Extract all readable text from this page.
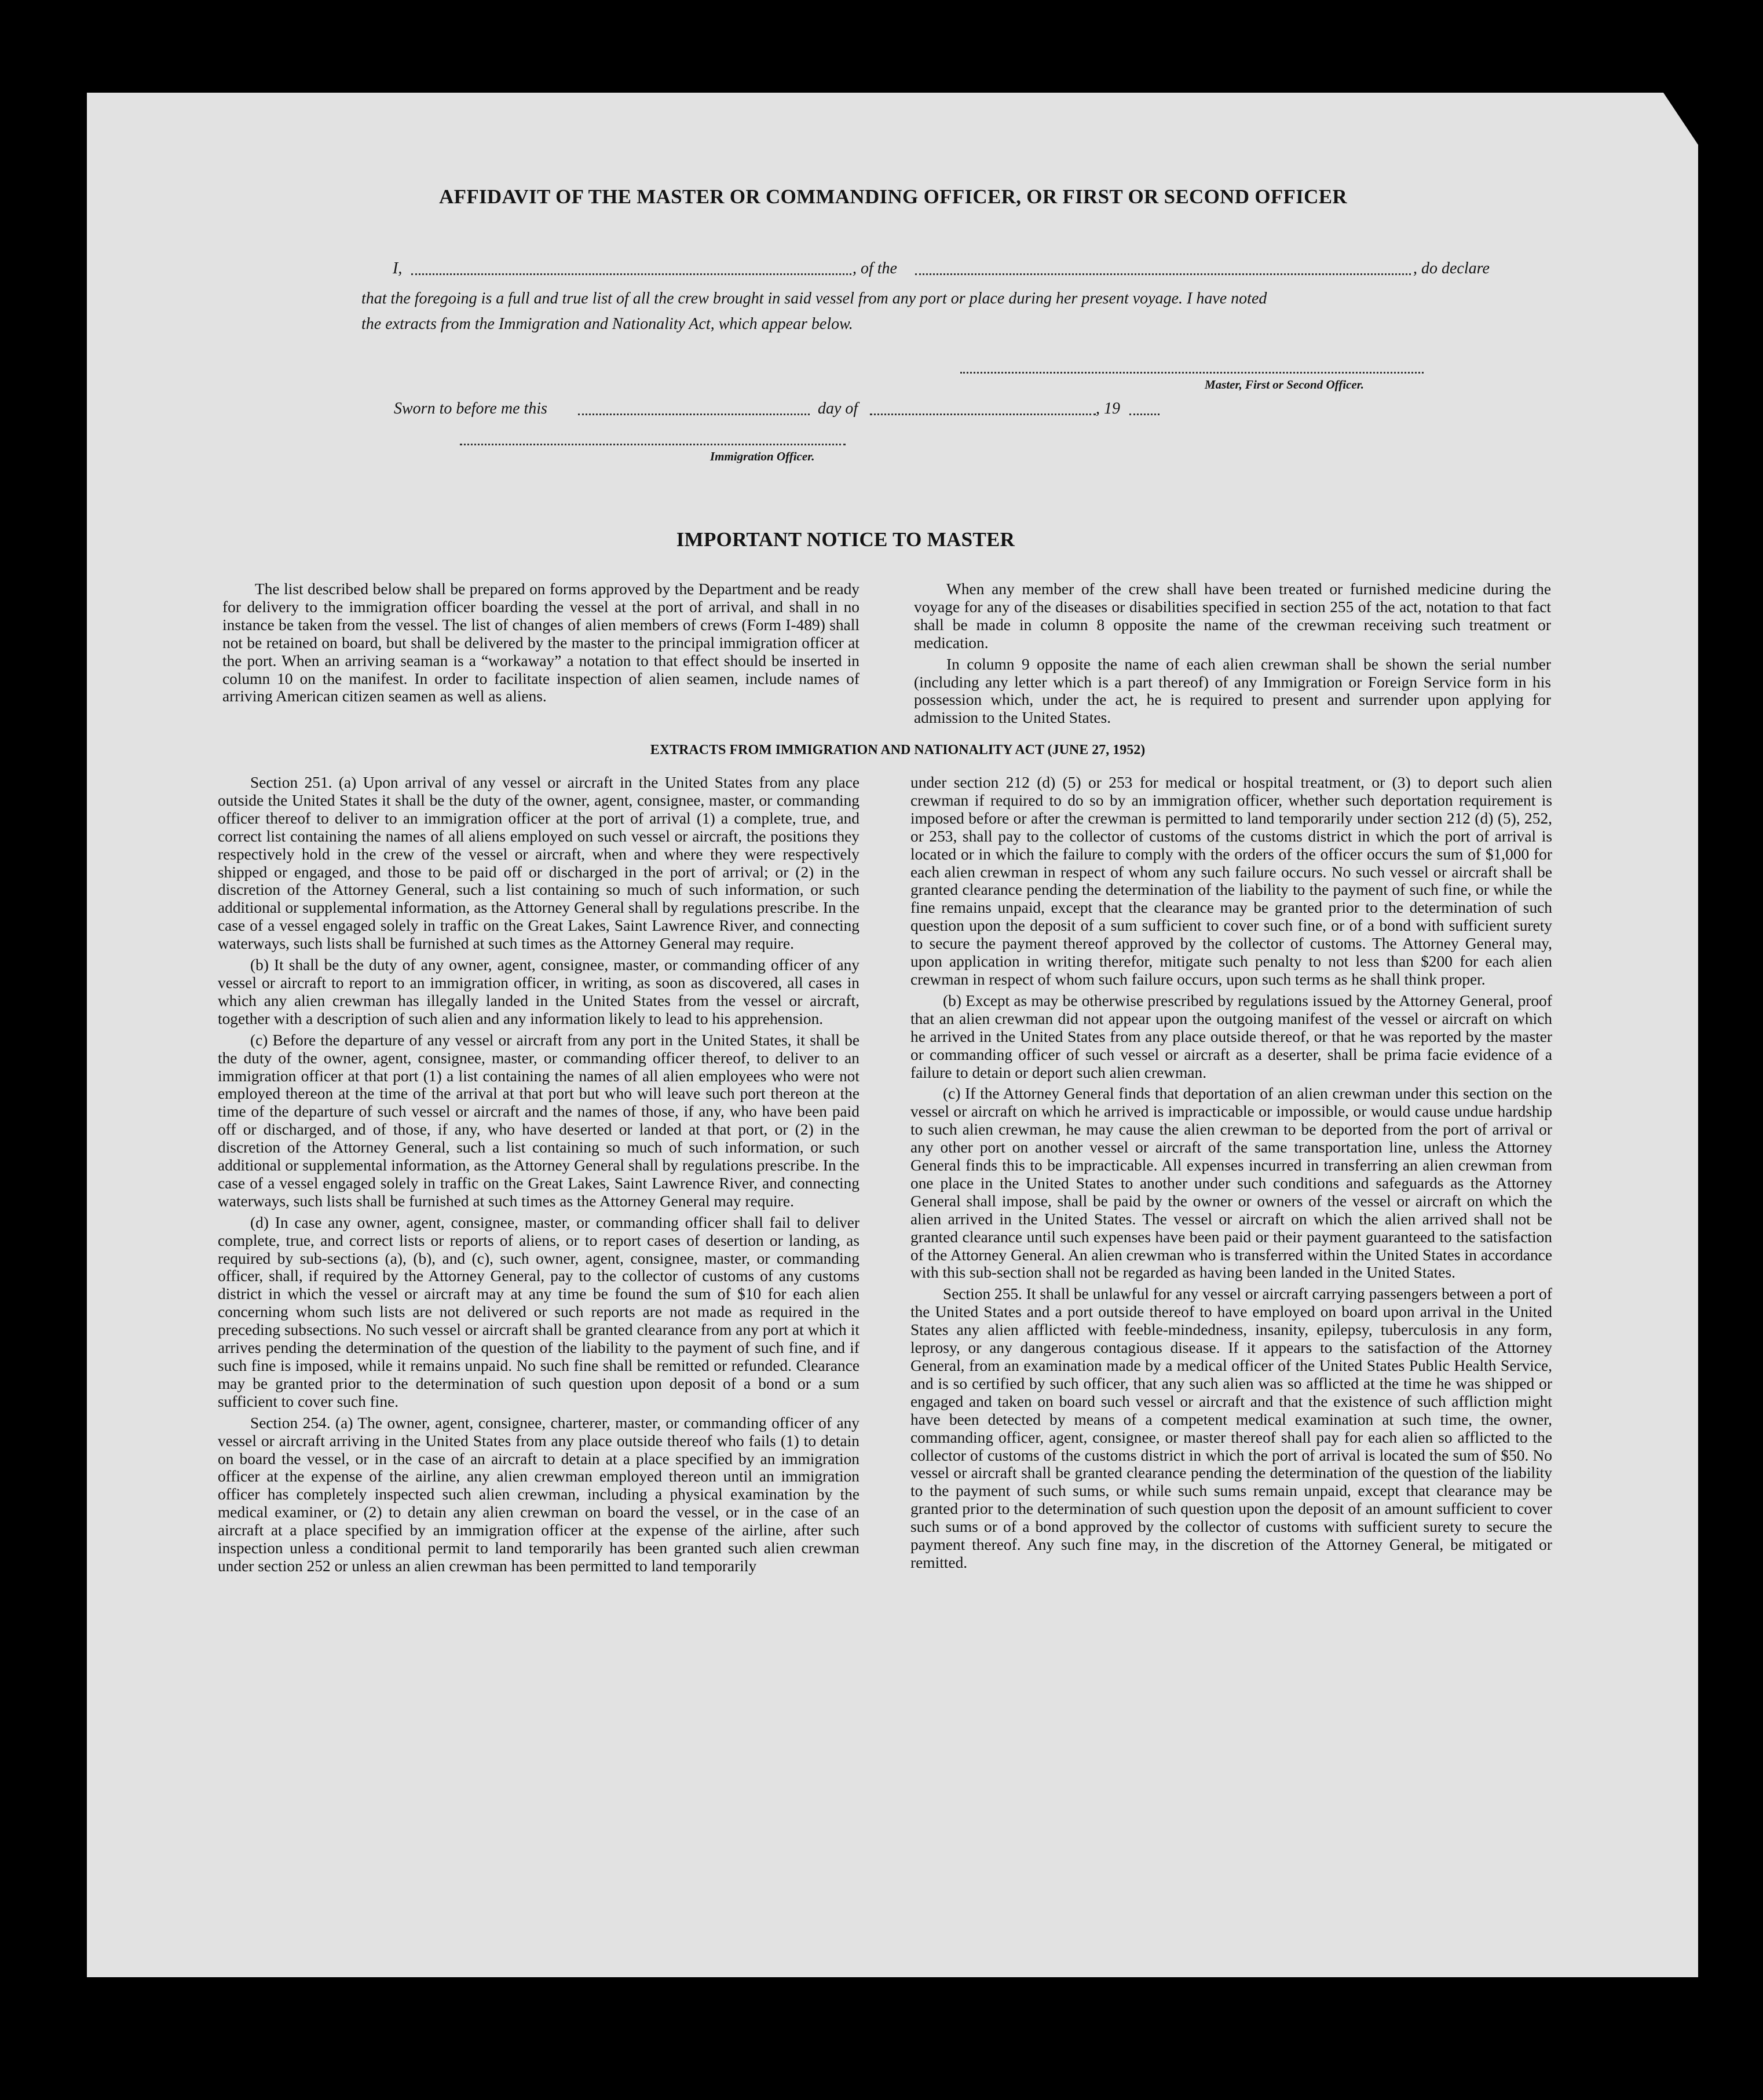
AFFIDAVIT OF THE MASTER OR COMMANDING OFFICER, OR FIRST OR SECOND OFFICER
I,	, of the	, do declare
that the foregoing is a full and true list of all the crew brought in said vessel from any port or place during her present voyage. I have noted
the extracts from the Immigration and Nationality Act, which appear below.
Master, First or Second Officer.
Sworn to before me this	day of	, 19
Immigration Officer.
IMPORTANT NOTICE TO MASTER

The list described below shall be prepared on forms approved by the Department and be ready for delivery to the immigration officer boarding the vessel at the port of arrival, and shall in no instance be taken from the vessel. The list of changes of alien members of crews (Form I-489) shall not be retained on board, but shall be delivered by the master to the principal immigration officer at the port. When an arriving seaman is a “workaway” a notation to that effect should be inserted in column 10 on the manifest. In order to facilitate inspection of alien seamen, include names of arriving American citizen seamen as well as aliens.

When any member of the crew shall have been treated or furnished medicine during the voyage for any of the diseases or disabilities specified in section 255 of the act, notation to that fact shall be made in column 8 opposite the name of the crewman receiving such treatment or medication.

In column 9 opposite the name of each alien crewman shall be shown the serial number (including any letter which is a part thereof) of any Immigration or Foreign Service form in his possession which, under the act, he is required to present and surrender upon applying for admission to the United States.

EXTRACTS FROM IMMIGRATION AND NATIONALITY ACT (JUNE 27, 1952)

Section 251. (a) Upon arrival of any vessel or aircraft in the United States from any place outside the United States it shall be the duty of the owner, agent, consignee, master, or commanding officer thereof to deliver to an immigration officer at the port of arrival (1) a complete, true, and correct list containing the names of all aliens employed on such vessel or aircraft, the positions they respectively hold in the crew of the vessel or aircraft, when and where they were respectively shipped or engaged, and those to be paid off or discharged in the port of arrival; or (2) in the discretion of the Attorney General, such a list containing so much of such information, or such additional or supplemental information, as the Attorney General shall by regulations prescribe. In the case of a vessel engaged solely in traffic on the Great Lakes, Saint Lawrence River, and connecting waterways, such lists shall be furnished at such times as the Attorney General may require.

(b) It shall be the duty of any owner, agent, consignee, master, or commanding officer of any vessel or aircraft to report to an immigration officer, in writing, as soon as discovered, all cases in which any alien crewman has illegally landed in the United States from the vessel or aircraft, together with a description of such alien and any information likely to lead to his apprehension.

(c) Before the departure of any vessel or aircraft from any port in the United States, it shall be the duty of the owner, agent, consignee, master, or commanding officer thereof, to deliver to an immigration officer at that port (1) a list containing the names of all alien employees who were not employed thereon at the time of the arrival at that port but who will leave such port thereon at the time of the departure of such vessel or aircraft and the names of those, if any, who have been paid off or discharged, and of those, if any, who have deserted or landed at that port, or (2) in the discretion of the Attorney General, such a list containing so much of such information, or such additional or supplemental information, as the Attorney General shall by regulations prescribe. In the case of a vessel engaged solely in traffic on the Great Lakes, Saint Lawrence River, and connecting waterways, such lists shall be furnished at such times as the Attorney General may require.

(d) In case any owner, agent, consignee, master, or commanding officer shall fail to deliver complete, true, and correct lists or reports of aliens, or to report cases of desertion or landing, as required by sub-sections (a), (b), and (c), such owner, agent, consignee, master, or commanding officer, shall, if required by the Attorney General, pay to the collector of customs of any customs district in which the vessel or aircraft may at any time be found the sum of $10 for each alien concerning whom such lists are not delivered or such reports are not made as required in the preceding subsections. No such vessel or aircraft shall be granted clearance from any port at which it arrives pending the determination of the question of the liability to the payment of such fine, and if such fine is imposed, while it remains unpaid. No such fine shall be remitted or refunded. Clearance may be granted prior to the determination of such question upon deposit of a bond or a sum sufficient to cover such fine.

Section 254. (a) The owner, agent, consignee, charterer, master, or commanding officer of any vessel or aircraft arriving in the United States from any place outside thereof who fails (1) to detain on board the vessel, or in the case of an aircraft to detain at a place specified by an immigration officer at the expense of the airline, any alien crewman employed thereon until an immigration officer has completely inspected such alien crewman, including a physical examination by the medical examiner, or (2) to detain any alien crewman on board the vessel, or in the case of an aircraft at a place specified by an immigration officer at the expense of the airline, after such inspection unless a conditional permit to land temporarily has been granted such alien crewman under section 252 or unless an alien crewman has been permitted to land temporarily

under section 212 (d) (5) or 253 for medical or hospital treatment, or (3) to deport such alien crewman if required to do so by an immigration officer, whether such deportation requirement is imposed before or after the crewman is permitted to land temporarily under section 212 (d) (5), 252, or 253, shall pay to the collector of customs of the customs district in which the port of arrival is located or in which the failure to comply with the orders of the officer occurs the sum of $1,000 for each alien crewman in respect of whom any such failure occurs. No such vessel or aircraft shall be granted clearance pending the determination of the liability to the payment of such fine, or while the fine remains unpaid, except that the clearance may be granted prior to the determination of such question upon the deposit of a sum sufficient to cover such fine, or of a bond with sufficient surety to secure the payment thereof approved by the collector of customs. The Attorney General may, upon application in writing therefor, mitigate such penalty to not less than $200 for each alien crewman in respect of whom such failure occurs, upon such terms as he shall think proper.

(b) Except as may be otherwise prescribed by regulations issued by the Attorney General, proof that an alien crewman did not appear upon the outgoing manifest of the vessel or aircraft on which he arrived in the United States from any place outside thereof, or that he was reported by the master or commanding officer of such vessel or aircraft as a deserter, shall be prima facie evidence of a failure to detain or deport such alien crewman.

(c) If the Attorney General finds that deportation of an alien crewman under this section on the vessel or aircraft on which he arrived is impracticable or impossible, or would cause undue hardship to such alien crewman, he may cause the alien crewman to be deported from the port of arrival or any other port on another vessel or aircraft of the same transportation line, unless the Attorney General finds this to be impracticable. All expenses incurred in transferring an alien crewman from one place in the United States to another under such conditions and safeguards as the Attorney General shall impose, shall be paid by the owner or owners of the vessel or aircraft on which the alien arrived in the United States. The vessel or aircraft on which the alien arrived shall not be granted clearance until such expenses have been paid or their payment guaranteed to the satisfaction of the Attorney General. An alien crewman who is transferred within the United States in accordance with this sub-section shall not be regarded as having been landed in the United States.

Section 255. It shall be unlawful for any vessel or aircraft carrying passengers between a port of the United States and a port outside thereof to have employed on board upon arrival in the United States any alien afflicted with feeble-mindedness, insanity, epilepsy, tuberculosis in any form, leprosy, or any dangerous contagious disease. If it appears to the satisfaction of the Attorney General, from an examination made by a medical officer of the United States Public Health Service, and is so certified by such officer, that any such alien was so afflicted at the time he was shipped or engaged and taken on board such vessel or aircraft and that the existence of such affliction might have been detected by means of a competent medical examination at such time, the owner, commanding officer, agent, consignee, or master thereof shall pay for each alien so afflicted to the collector of customs of the customs district in which the port of arrival is located the sum of $50. No vessel or aircraft shall be granted clearance pending the determination of the question of the liability to the payment of such sums, or while such sums remain unpaid, except that clearance may be granted prior to the determination of such question upon the deposit of an amount sufficient to cover such sums or of a bond approved by the collector of customs with sufficient surety to secure the payment thereof. Any such fine may, in the discretion of the Attorney General, be mitigated or remitted.
